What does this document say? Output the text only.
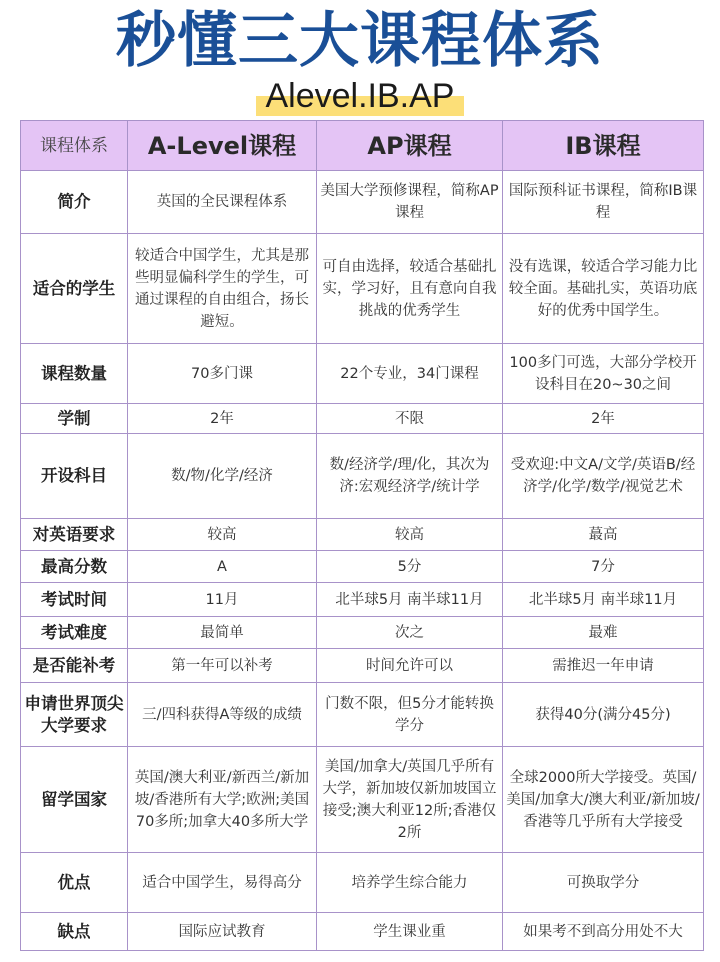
秒懂三大课程体系
Alevel.IB.AP
课程体系	A-Level课程	AP课程	IB课程
简介	英国的全民课程体系	美国大学预修课程，简称AP课程	国际预科证书课程，简称IB课程
适合的学生	较适合中国学生，尤其是那些明显偏科学生的学生，可通过课程的自由组合，扬长避短。	可自由选择，较适合基础扎实，学习好，且有意向自我挑战的优秀学生	没有选课，较适合学习能力比较全面。基础扎实，英语功底好的优秀中国学生。
课程数量	70多门课	22个专业，34门课程	100多门可选，大部分学校开设科目在20~30之间
学制	2年	不限	2年
开设科目	数/物/化学/经济	数/经济学/理/化，其次为济:宏观经济学/统计学	受欢迎:中文A/文学/英语B/经济学/化学/数学/视觉艺术
对英语要求	较高	较高	蕞高
最高分数	A	5分	7分
考试时间	11月	北半球5月 南半球11月	北半球5月 南半球11月
考试难度	最简单	次之	最难
是否能补考	第一年可以补考	时间允许可以	需推迟一年申请
申请世界顶尖大学要求	三/四科获得A等级的成绩	门数不限，但5分才能转换学分	获得40分(满分45分)
留学国家	英国/澳大利亚/新西兰/新加坡/香港所有大学;欧洲;美国70多所;加拿大40多所大学	美国/加拿大/英国几乎所有大学，新加坡仅新加坡国立接受;澳大利亚12所;香港仅2所	全球2000所大学接受。英国/美国/加拿大/澳大利亚/新加坡/香港等几乎所有大学接受
优点	适合中国学生，易得高分	培养学生综合能力	可换取学分
缺点	国际应试教育	学生课业重	如果考不到高分用处不大
